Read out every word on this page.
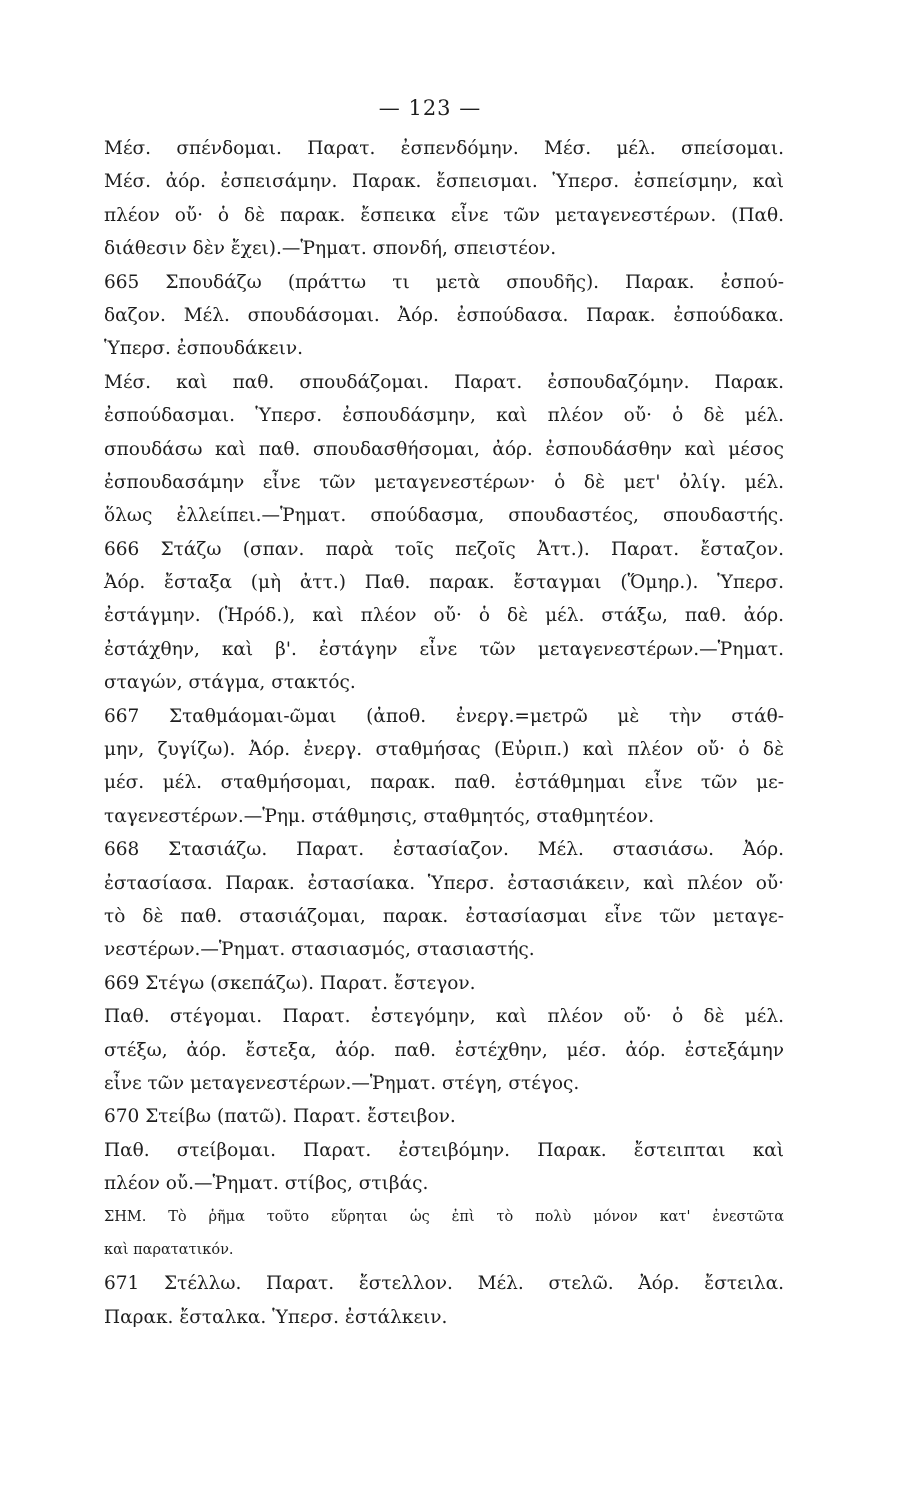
— 123 —
Μέσ. σπένδομαι. Παρατ. ἐσπενδόμην. Μέσ. μέλ. σπείσομαι.
Μέσ. ἀόρ. ἐσπεισάμην. Παρακ. ἔσπεισμαι. Ὑπερσ. ἐσπείσμην, καὶ
πλέον οὔ· ὁ δὲ παρακ. ἔσπεικα εἶνε τῶν μεταγενεστέρων. (Παθ.
διάθεσιν δὲν ἔχει).—Ῥηματ. σπονδή, σπειστέον.
665 Σπουδάζω (πράττω τι μετὰ σπουδῆς). Παρακ. ἐσπού-
δαζον. Μέλ. σπουδάσομαι. Ἀόρ. ἐσπούδασα. Παρακ. ἐσπούδακα.
Ὑπερσ. ἐσπουδάκειν.
Μέσ. καὶ παθ. σπουδάζομαι. Παρατ. ἐσπουδαζόμην. Παρακ.
ἐσπούδασμαι. Ὑπερσ. ἐσπουδάσμην, καὶ πλέον οὔ· ὁ δὲ μέλ.
σπουδάσω καὶ παθ. σπουδασθήσομαι, ἀόρ. ἐσπουδάσθην καὶ μέσος
ἐσπουδασάμην εἶνε τῶν μεταγενεστέρων· ὁ δὲ μετ' ὀλίγ. μέλ.
ὅλως ἐλλείπει.—Ῥηματ. σπούδασμα, σπουδαστέος, σπουδαστής.
666 Στάζω (σπαν. παρὰ τοῖς πεζοῖς Ἀττ.). Παρατ. ἔσταζον.
Ἀόρ. ἔσταξα (μὴ ἀττ.) Παθ. παρακ. ἔσταγμαι (Ὅμηρ.). Ὑπερσ.
ἐστάγμην. (Ἡρόδ.), καὶ πλέον οὔ· ὁ δὲ μέλ. στάξω, παθ. ἀόρ.
ἐστάχθην, καὶ β'. ἐστάγην εἶνε τῶν μεταγενεστέρων.—Ῥηματ.
σταγών, στάγμα, στακτός.
667 Σταθμάομαι-ῶμαι (ἀποθ. ἐνεργ.=μετρῶ μὲ τὴν στάθ-
μην, ζυγίζω). Ἀόρ. ἐνεργ. σταθμήσας (Εὐριπ.) καὶ πλέον οὔ· ὁ δὲ
μέσ. μέλ. σταθμήσομαι, παρακ. παθ. ἐστάθμημαι εἶνε τῶν με-
ταγενεστέρων.—Ῥημ. στάθμησις, σταθμητός, σταθμητέον.
668 Στασιάζω. Παρατ. ἐστασίαζον. Μέλ. στασιάσω. Ἀόρ.
ἐστασίασα. Παρακ. ἐστασίακα. Ὑπερσ. ἐστασιάκειν, καὶ πλέον οὔ·
τὸ δὲ παθ. στασιάζομαι, παρακ. ἐστασίασμαι εἶνε τῶν μεταγε-
νεστέρων.—Ῥηματ. στασιασμός, στασιαστής.
669 Στέγω (σκεπάζω). Παρατ. ἔστεγον.
Παθ. στέγομαι. Παρατ. ἐστεγόμην, καὶ πλέον οὔ· ὁ δὲ μέλ.
στέξω, ἀόρ. ἔστεξα, ἀόρ. παθ. ἐστέχθην, μέσ. ἀόρ. ἐστεξάμην
εἶνε τῶν μεταγενεστέρων.—Ῥηματ. στέγη, στέγος.
670 Στείβω (πατῶ). Παρατ. ἔστειβον.
Παθ. στείβομαι. Παρατ. ἐστειβόμην. Παρακ. ἔστειπται καὶ
πλέον οὔ.—Ῥηματ. στίβος, στιβάς.
ΣΗΜ. Τὸ ῥῆμα τοῦτο εὕρηται ὡς ἐπὶ τὸ πολὺ μόνον κατ' ἐνεστῶτα
καὶ παρατατικόν.
671 Στέλλω. Παρατ. ἔστελλον. Μέλ. στελῶ. Ἀόρ. ἔστειλα.
Παρακ. ἔσταλκα. Ὑπερσ. ἐστάλκειν.
